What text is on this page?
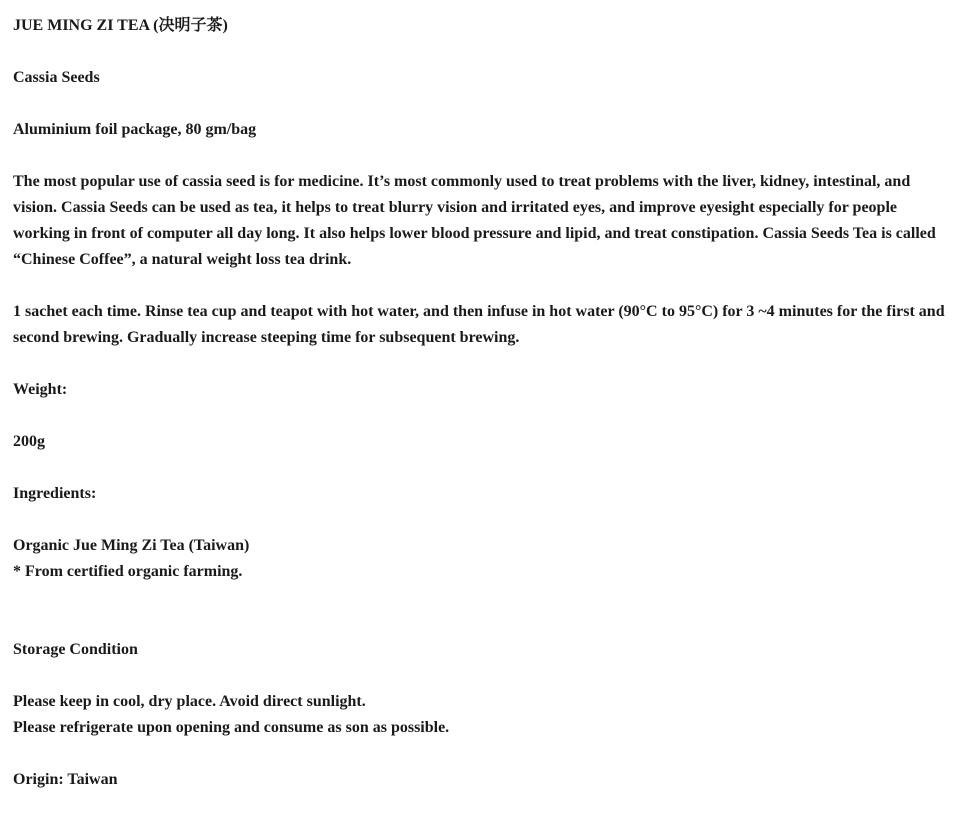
JUE MING ZI TEA (决明子茶)

Cassia Seeds

Aluminium foil package, 80 gm/bag

The most popular use of cassia seed is for medicine. It’s most commonly used to treat problems with the liver, kidney, intestinal, and vision. Cassia Seeds can be used as tea, it helps to treat blurry vision and irritated eyes, and improve eyesight especially for people working in front of computer all day long. It also helps lower blood pressure and lipid, and treat constipation. Cassia Seeds Tea is called “Chinese Coffee”, a natural weight loss tea drink.

1 sachet each time. Rinse tea cup and teapot with hot water, and then infuse in hot water (90°C to 95°C) for 3 ~4 minutes for the first and second brewing. Gradually increase steeping time for subsequent brewing.

Weight:

200g

Ingredients:

Organic Jue Ming Zi Tea (Taiwan)
* From certified organic farming.

Storage Condition

Please keep in cool, dry place. Avoid direct sunlight.
Please refrigerate upon opening and consume as son as possible.

Origin: Taiwan
